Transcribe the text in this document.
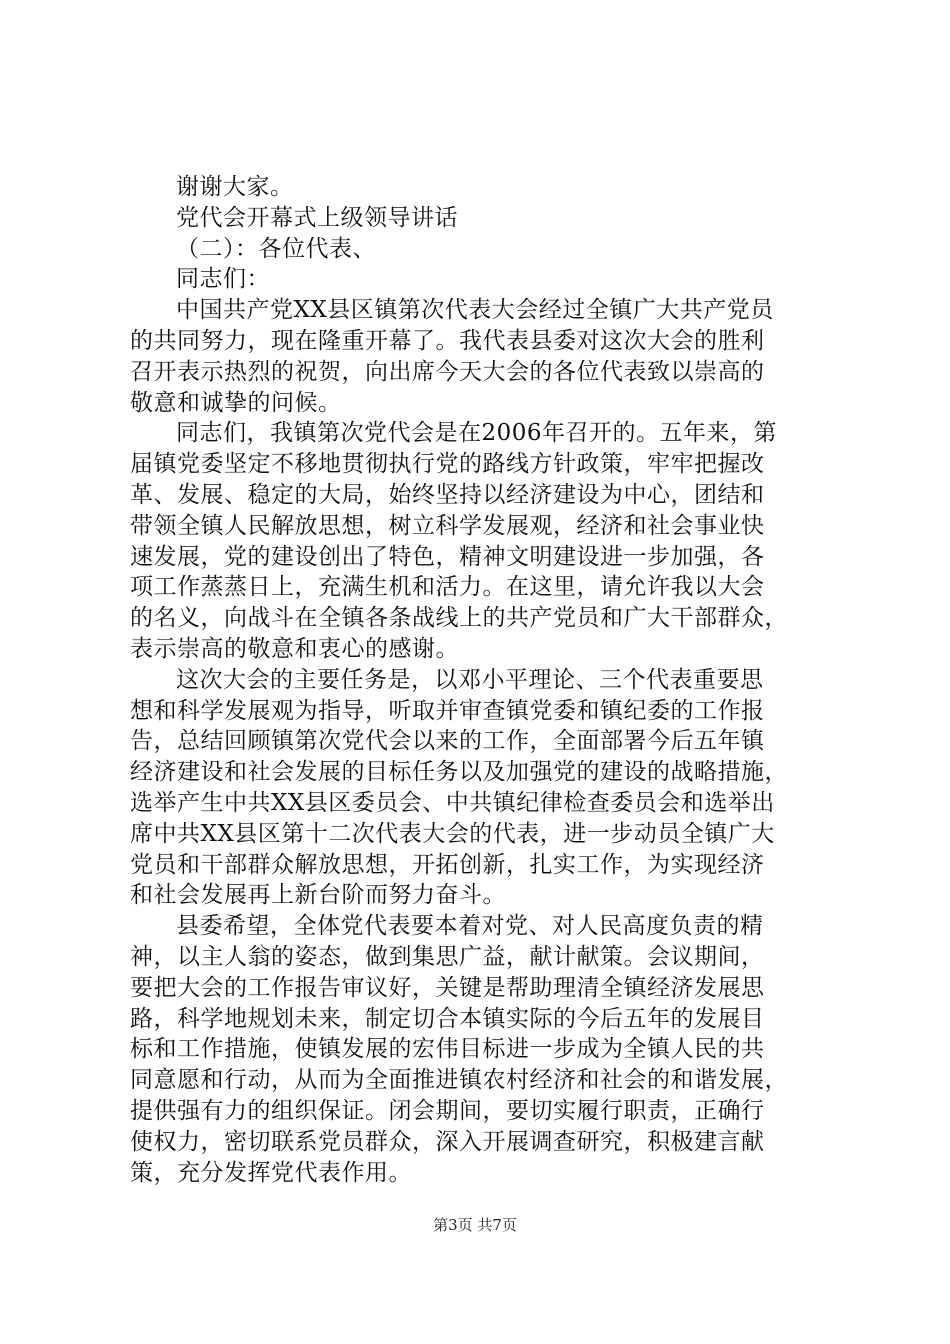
谢谢大家。
党代会开幕式上级领导讲话
（二）：各位代表、
同志们：
中国共产党XX县区镇第次代表大会经过全镇广大共产党员
的共同努力，现在隆重开幕了。我代表县委对这次大会的胜利
召开表示热烈的祝贺，向出席今天大会的各位代表致以崇高的
敬意和诚挚的问候。
同志们，我镇第次党代会是在2006年召开的。五年来，第
届镇党委坚定不移地贯彻执行党的路线方针政策，牢牢把握改
革、发展、稳定的大局，始终坚持以经济建设为中心，团结和
带领全镇人民解放思想，树立科学发展观，经济和社会事业快
速发展，党的建设创出了特色，精神文明建设进一步加强，各
项工作蒸蒸日上，充满生机和活力。在这里，请允许我以大会
的名义，向战斗在全镇各条战线上的共产党员和广大干部群众，
表示崇高的敬意和衷心的感谢。
这次大会的主要任务是，以邓小平理论、三个代表重要思
想和科学发展观为指导，听取并审查镇党委和镇纪委的工作报
告，总结回顾镇第次党代会以来的工作，全面部署今后五年镇
经济建设和社会发展的目标任务以及加强党的建设的战略措施，
选举产生中共XX县区委员会、中共镇纪律检查委员会和选举出
席中共XX县区第十二次代表大会的代表，进一步动员全镇广大
党员和干部群众解放思想，开拓创新，扎实工作，为实现经济
和社会发展再上新台阶而努力奋斗。
县委希望，全体党代表要本着对党、对人民高度负责的精
神，以主人翁的姿态，做到集思广益，献计献策。会议期间，
要把大会的工作报告审议好，关键是帮助理清全镇经济发展思
路，科学地规划未来，制定切合本镇实际的今后五年的发展目
标和工作措施，使镇发展的宏伟目标进一步成为全镇人民的共
同意愿和行动，从而为全面推进镇农村经济和社会的和谐发展，
提供强有力的组织保证。闭会期间，要切实履行职责，正确行
使权力，密切联系党员群众，深入开展调查研究，积极建言献
策，充分发挥党代表作用。
第3页 共7页
